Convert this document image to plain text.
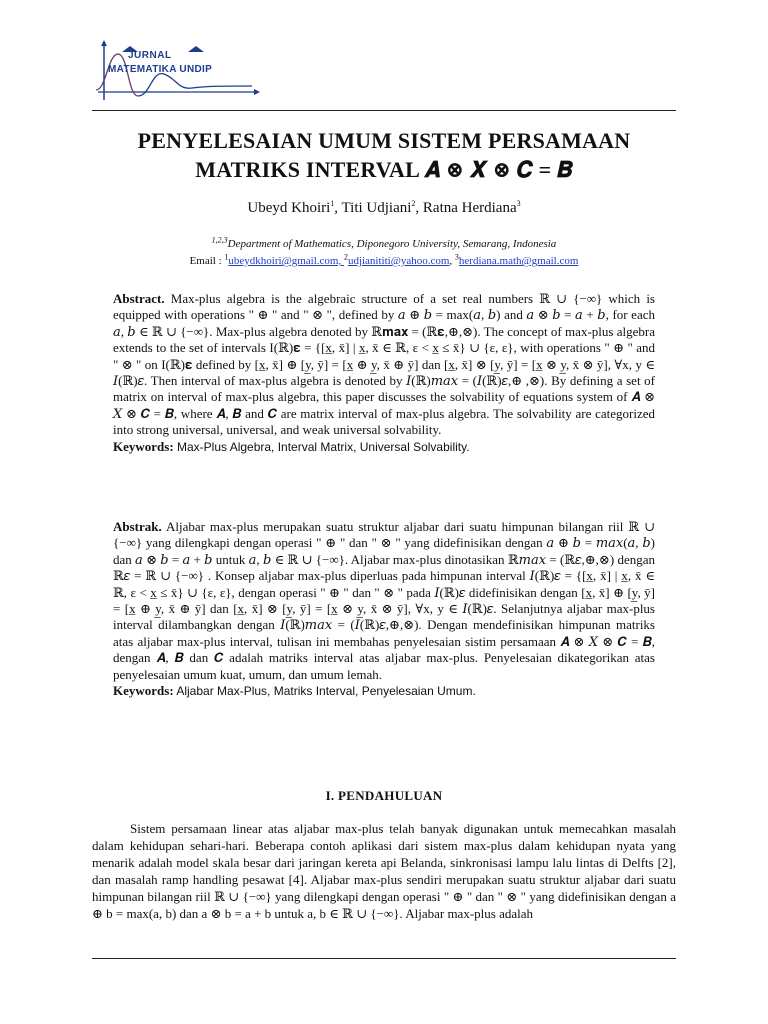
JURNAL
MATEMATIKA UNDIP
PENYELESAIAN UMUM SISTEM PERSAMAAN
MATRIKS INTERVAL 𝑨 ⊗ 𝑿 ⊗ 𝑪 = 𝑩
Ubeyd Khoiri$^1$, Titi Udjiani$^2$, Ratna Herdiana$^3$
$^{1,2,3}$Department of Mathematics, Diponegoro University, Semarang, Indonesia
Email : $^1$ubeydkhoiri@gmail.com, $^2$udjianititi@yahoo.com, $^3$herdiana.math@gmail.com
Abstract. Max-plus algebra is the algebraic structure of a set real numbers ℝ ∪ {−∞} which is equipped with operations " ⊕ " and " ⊗ ", defined by 𝑎 ⊕ 𝑏 = max(𝑎, 𝑏) and 𝑎 ⊗ 𝑏 = 𝑎 + 𝑏, for each 𝑎, 𝑏 ∈ ℝ ∪ {−∞}. Max-plus algebra denoted by ℝ𝐦𝐚𝐱 = (ℝ𝛆,⊕,⊗). The concept of max-plus algebra extends to the set of intervals I(ℝ)𝛆 = {[x̲, x̄] | x̲, x̄ ∈ ℝ, ε < x̲ ≤ x̄} ∪ {ε, ε}, with operations " ⊕ " and " ⊗ " on I(ℝ)𝛆 defined by [x̲, x̄] ⊕ [y̲, ȳ] = [x̲ ⊕ y̲, x̄ ⊕ ȳ] dan [x̲, x̄] ⊗ [y̲, ȳ] = [x̲ ⊗ y̲, x̄ ⊗ ȳ], ∀x, y ∈ 𝐼(ℝ)𝜀. Then interval of max-plus algebra is denoted by 𝐼(ℝ)𝑚𝑎𝑥 = (𝐼(ℝ)𝜀,⊕ ,⊗). By defining a set of matrix on interval of max-plus algebra, this paper discusses the solvability of equations system of 𝑨 ⊗ 𝑋 ⊗ 𝑪 = 𝑩, where 𝑨, 𝑩 and 𝑪 are matrix interval of max-plus algebra. The solvability are categorized into strong universal, universal, and weak universal solvability.
Keywords: Max-Plus Algebra, Interval Matrix, Universal Solvability.
Abstrak. Aljabar max-plus merupakan suatu struktur aljabar dari suatu himpunan bilangan riil ℝ ∪ {−∞} yang dilengkapi dengan operasi " ⊕ " dan " ⊗ " yang didefinisikan dengan 𝑎 ⊕ 𝑏 = 𝑚𝑎𝑥(𝑎, 𝑏) dan 𝑎 ⊗ 𝑏 = 𝑎 + 𝑏 untuk 𝑎, 𝑏 ∈ ℝ ∪ {−∞}. Aljabar max-plus dinotasikan ℝ𝑚𝑎𝑥 = (ℝ𝜀,⊕,⊗) dengan ℝ𝜀 = ℝ ∪ {−∞} . Konsep aljabar max-plus diperluas pada himpunan interval 𝐼(ℝ)𝜀 = {[x̲, x̄] | x̲, x̄ ∈ ℝ, ε < x̲ ≤ x̄} ∪ {ε, ε}, dengan operasi " ⊕ " dan " ⊗ " pada 𝐼(ℝ)𝜀 didefinisikan dengan [x̲, x̄] ⊕ [y̲, ȳ] = [x̲ ⊕ y̲, x̄ ⊕ ȳ] dan [x̲, x̄] ⊗ [y̲, ȳ] = [x̲ ⊗ y̲, x̄ ⊗ ȳ], ∀x, y ∈ 𝐼(ℝ)𝜀. Selanjutnya aljabar max-plus interval dilambangkan dengan 𝐼(ℝ)𝑚𝑎𝑥 = (𝐼(ℝ)𝜀,⊕,⊗). Dengan mendefinisikan himpunan matriks atas aljabar max-plus interval, tulisan ini membahas penyelesaian sistim persamaan 𝑨 ⊗ 𝑋 ⊗ 𝑪 = 𝑩, dengan 𝑨, 𝑩 dan 𝑪 adalah matriks interval atas aljabar max-plus. Penyelesaian dikategorikan atas penyelesaian umum kuat, umum, dan umum lemah.
Keywords: Aljabar Max-Plus, Matriks Interval, Penyelesaian Umum.
I. PENDAHULUAN
Sistem persamaan linear atas aljabar max-plus telah banyak digunakan untuk memecahkan masalah dalam kehidupan sehari-hari. Beberapa contoh aplikasi dari sistem max-plus dalam kehidupan nyata yang menarik adalah model skala besar dari jaringan kereta api Belanda, sinkronisasi lampu lalu lintas di Delfts [2], dan masalah ramp handling pesawat [4]. Aljabar max-plus sendiri merupakan suatu struktur aljabar dari suatu himpunan bilangan riil ℝ ∪ {−∞} yang dilengkapi dengan operasi " ⊕ " dan " ⊗ " yang didefinisikan dengan a ⊕ b = max(a, b) dan a ⊗ b = a + b untuk a, b ∈ ℝ ∪ {−∞}. Aljabar max-plus adalah
